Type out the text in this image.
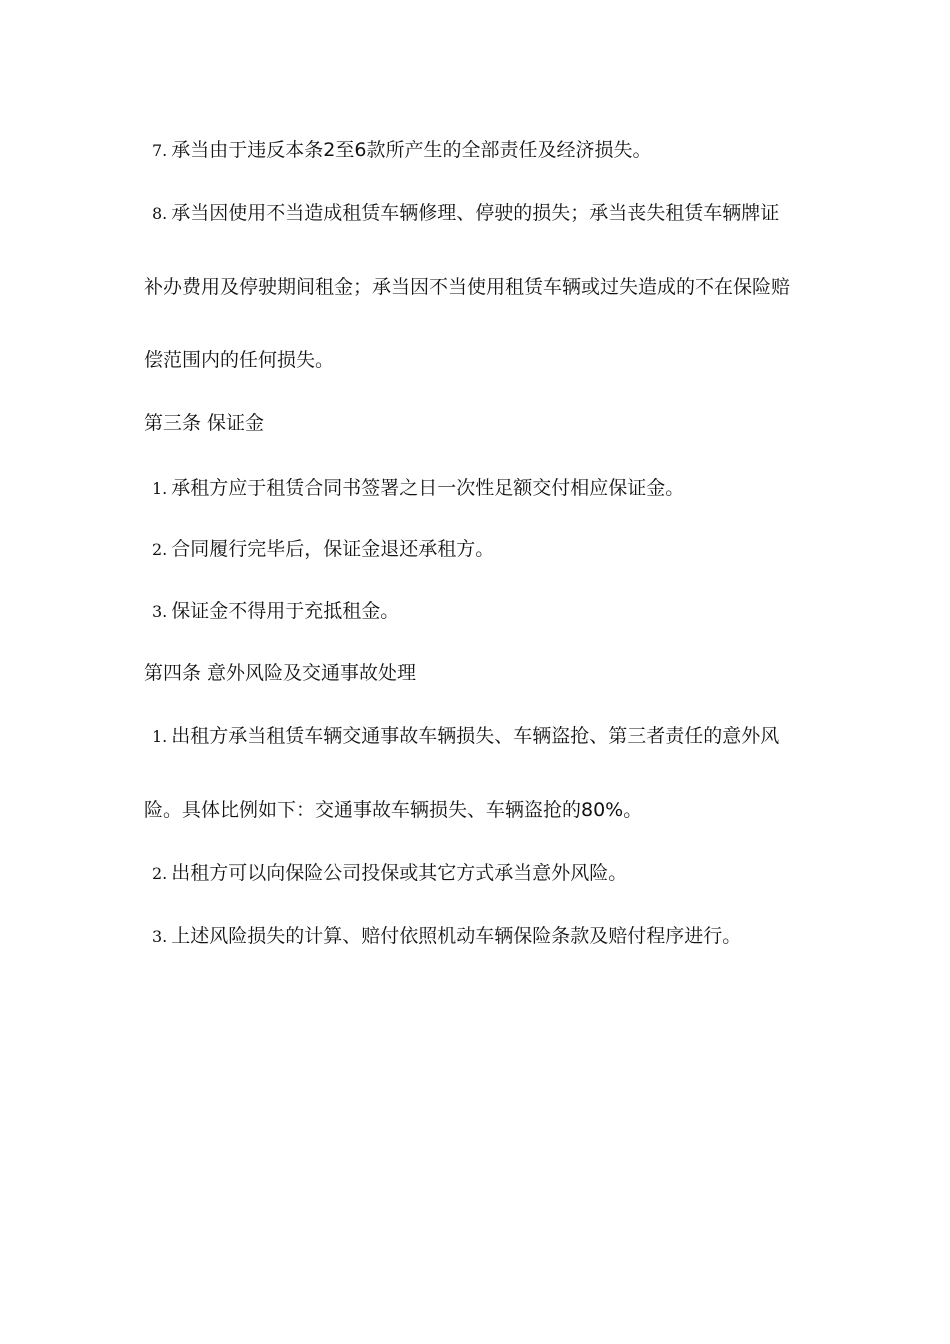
7. 承当由于违反本条2至6款所产生的全部责任及经济损失。
8. 承当因使用不当造成租赁车辆修理、停驶的损失；承当丧失租赁车辆牌证
补办费用及停驶期间租金；承当因不当使用租赁车辆或过失造成的不在保险赔
偿范围内的任何损失。
第三条 保证金
1. 承租方应于租赁合同书签署之日一次性足额交付相应保证金。
2. 合同履行完毕后，保证金退还承租方。
3. 保证金不得用于充抵租金。
第四条 意外风险及交通事故处理
1. 出租方承当租赁车辆交通事故车辆损失、车辆盗抢、第三者责任的意外风
险。具体比例如下：交通事故车辆损失、车辆盗抢的80%。
2. 出租方可以向保险公司投保或其它方式承当意外风险。
3. 上述风险损失的计算、赔付依照机动车辆保险条款及赔付程序进行。
